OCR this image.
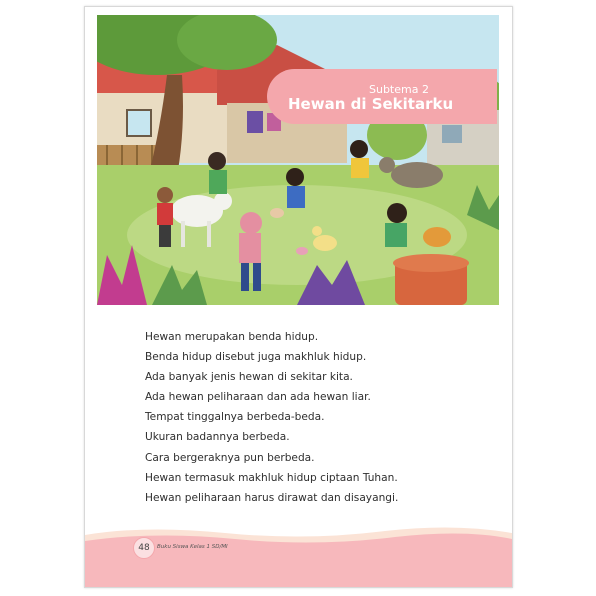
Subtema 2
Hewan di Sekitarku
Hewan merupakan benda hidup.
Benda hidup disebut juga makhluk hidup.
Ada banyak jenis hewan di sekitar kita.
Ada hewan peliharaan dan ada hewan liar.
Tempat tinggalnya berbeda-beda.
Ukuran badannya berbeda.
Cara bergeraknya pun berbeda.
Hewan termasuk makhluk hidup ciptaan Tuhan.
Hewan peliharaan harus dirawat dan disayangi.
48	Buku Siswa Kelas 1 SD/MI
